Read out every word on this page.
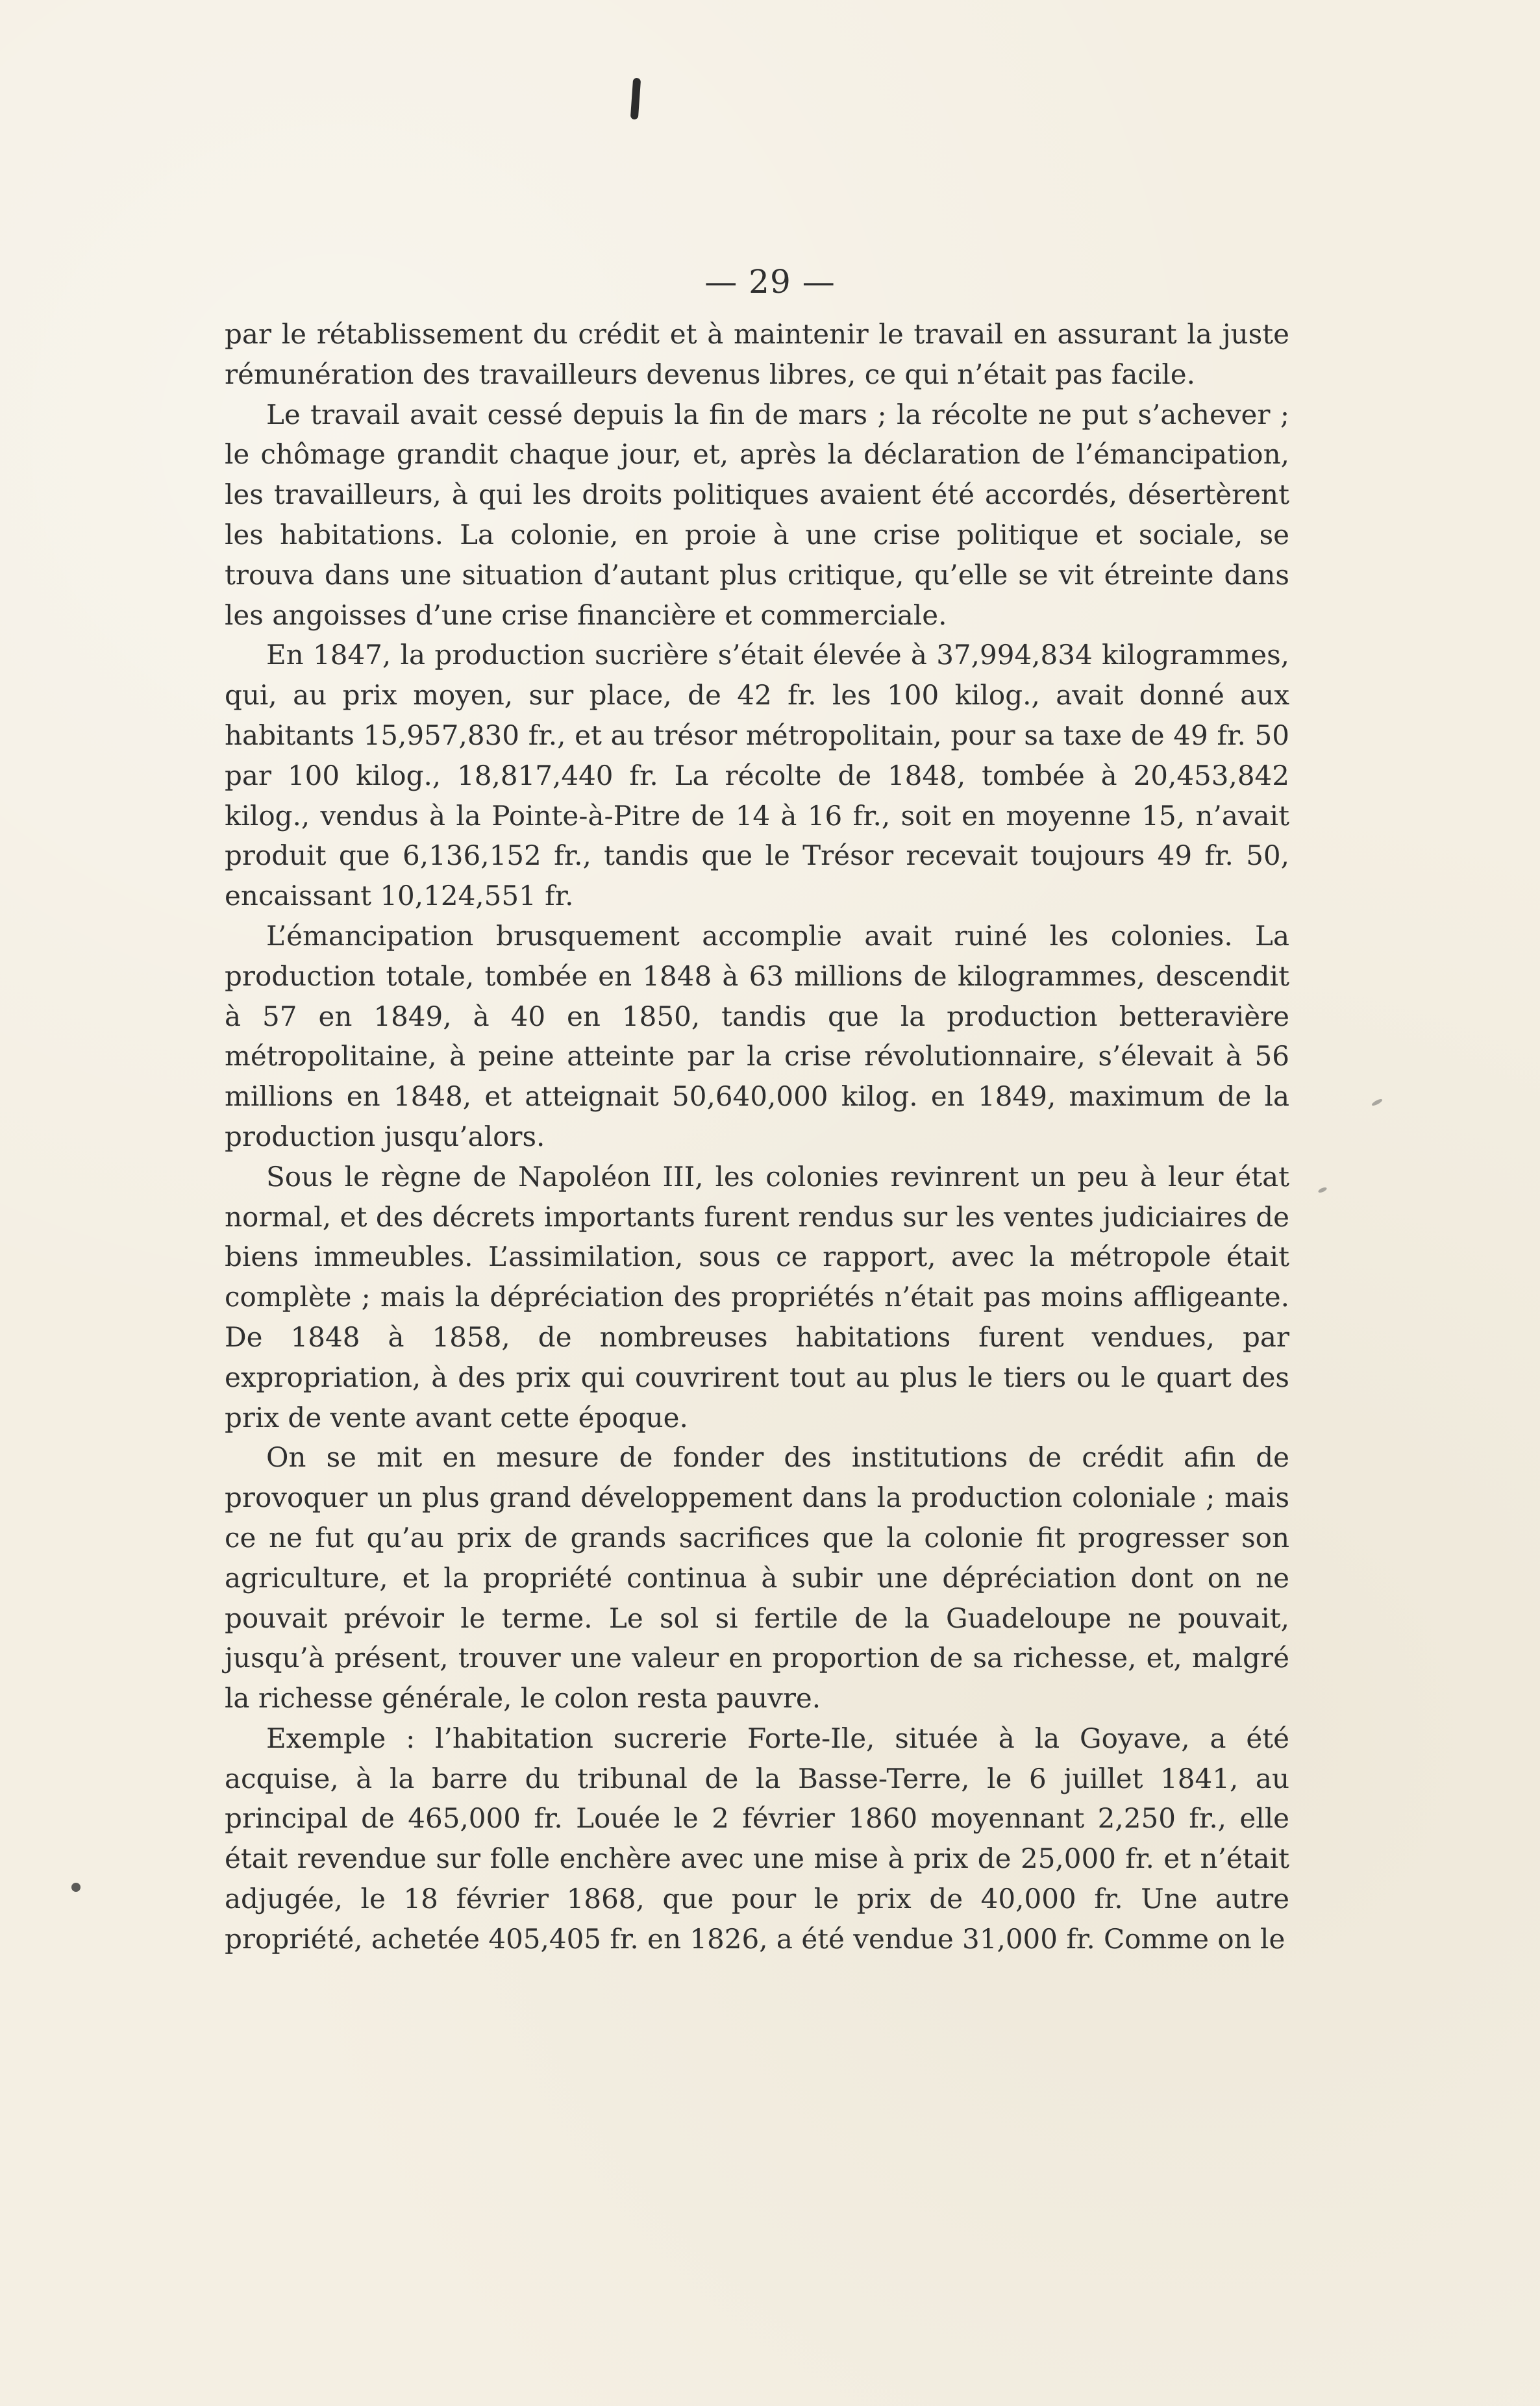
— 29 —

par le rétablissement du crédit et à maintenir le travail en assurant la juste rémunération des travailleurs devenus libres, ce qui n’était pas facile.

Le travail avait cessé depuis la fin de mars ; la récolte ne put s’achever ; le chômage grandit chaque jour, et, après la déclaration de l’émancipation, les travailleurs, à qui les droits politiques avaient été accordés, désertèrent les habitations. La colonie, en proie à une crise politique et sociale, se trouva dans une situation d’autant plus critique, qu’elle se vit étreinte dans les angoisses d’une crise financière et commerciale.

En 1847, la production sucrière s’était élevée à 37,994,834 kilogrammes, qui, au prix moyen, sur place, de 42 fr. les 100 kilog., avait donné aux habitants 15,957,830 fr., et au trésor métropolitain, pour sa taxe de 49 fr. 50 par 100 kilog., 18,817,440 fr. La récolte de 1848, tombée à 20,453,842 kilog., vendus à la Pointe-à-Pitre de 14 à 16 fr., soit en moyenne 15, n’avait produit que 6,136,152 fr., tandis que le Trésor recevait toujours 49 fr. 50, encaissant 10,124,551 fr.

L’émancipation brusquement accomplie avait ruiné les colonies. La production totale, tombée en 1848 à 63 millions de kilogrammes, descendit à 57 en 1849, à 40 en 1850, tandis que la production betteravière métropolitaine, à peine atteinte par la crise révolutionnaire, s’élevait à 56 millions en 1848, et atteignait 50,640,000 kilog. en 1849, maximum de la production jusqu’alors.

Sous le règne de Napoléon III, les colonies revinrent un peu à leur état normal, et des décrets importants furent rendus sur les ventes judiciaires de biens immeubles. L’assimilation, sous ce rapport, avec la métropole était complète ; mais la dépréciation des propriétés n’était pas moins affligeante. De 1848 à 1858, de nombreuses habitations furent vendues, par expropriation, à des prix qui couvrirent tout au plus le tiers ou le quart des prix de vente avant cette époque.

On se mit en mesure de fonder des institutions de crédit afin de provoquer un plus grand développement dans la production coloniale ; mais ce ne fut qu’au prix de grands sacrifices que la colonie fit progresser son agriculture, et la propriété continua à subir une dépréciation dont on ne pouvait prévoir le terme. Le sol si fertile de la Guadeloupe ne pouvait, jusqu’à présent, trouver une valeur en proportion de sa richesse, et, malgré la richesse générale, le colon resta pauvre.

Exemple : l’habitation sucrerie Forte-Ile, située à la Goyave, a été acquise, à la barre du tribunal de la Basse-Terre, le 6 juillet 1841, au principal de 465,000 fr. Louée le 2 février 1860 moyennant 2,250 fr., elle était revendue sur folle enchère avec une mise à prix de 25,000 fr. et n’était adjugée, le 18 février 1868, que pour le prix de 40,000 fr. Une autre propriété, achetée 405,405 fr. en 1826, a été vendue 31,000 fr. Comme on le
